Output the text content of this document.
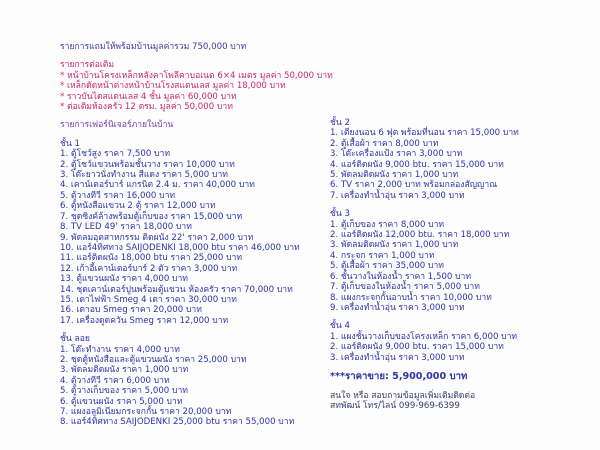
รายการแถมให้พร้อมบ้านมูลค่ารวม 750,000 บาท
รายการต่อเติม
* หน้าบ้านโครงเหล็กหลังคาโพลีคาบอเนต 6×4 เมตร มูลค่า 50,000 บาท
* เหล็กดัดหน้าต่างหน้าบ้านโรงสแตนเลส มูลค่า 18,000 บาท
* ราวบันไดสแตนเลส 4 ชั้น มูลค่า 60,000 บาท
* ต่อเติมห้องครัว 12 ตรม. มูลค่า 50,000 บาท
รายการเฟอร์นิเจอร์ภายในบ้าน
ชั้น 1
1. ตู้โชว์สูง ราคา 7,500 บาท
2. ตู้โชว์แขวนพร้อมชั้นวาง ราคา 10,000 บาท
3. โต๊ะยาวนั่งทำงาน สีแดง ราคา 5,000 บาท
4. เคาน์เตอร์บาร์ แกรนิต 2.4 ม. ราคา 40,000 บาท
5. ตู้วางทีวี ราคา 16,000 บาท
6. ตู้หนังสือแขวน 2 ตู้ ราคา 12,000 บาท
7. ชุดซิงค์ล้างพร้อมตู้เก็บของ ราคา 15,000 บาท
8. TV LED 49' ราคา 18,000 บาท
9. พัดลมอุตสาหกรรม ติดผนัง 22' ราคา 2,000 บาท
10. แอร์4ทิศทาง SAIJODENKI 18,000 btu ราคา 46,000 บาท
11. แอร์ติดผนัง 18,000 btu ราคา 25,000 บาท
12. เก้าอี้เคาน์เตอร์บาร์ 2 ตัว ราคา 3,000 บาท
13. ตู้แขวนผนัง ราคา 4,000 บาท
14. ชุดเคาน์เตอร์ปูนพร้อมตู้แขวน ห้องครัว ราคา 70,000 บาท
15. เตาไฟฟ้า Smeg 4 เตา ราคา 30,000 บาท
16. เตาอบ Smeg ราคา 20,000 บาท
17. เครื่องดูดควัน Smeg ราคา 12,000 บาท
ชั้น ลอย
1. โต๊ะทำงาน ราคา 4,000 บาท
2. ชุดตู้หนังสือและตู้แขวนผนัง ราคา 25,000 บาท
3. พัดลมติดผนัง ราคา 1,000 บาท
4. ตู้วางทีวี ราคา 6,000 บาท
5. ตู้วางเก็บของ ราคา 5,000 บาท
6. ตู้แขวนผนัง ราคา 5,000 บาท
7. แผงอลูมิเนียมกระจกกั้น ราคา 20,000 บาท
8. แอร์4ทิศทาง SAIJODENKI 25,000 btu ราคา 55,000 บาท
ชั้น 2
1. เตียงนอน 6 ฟุต พร้อมที่นอน ราคา 15,000 บาท
2. ตู้เสื้อผ้า ราคา 8,000 บาท
3. โต๊ะเครื่องแป้ง ราคา 3,000 บาท
4. แอร์ติดผนัง 9,000 btu. ราคา 15,000 บาท
5. พัดลมติดผนัง ราคา 1,000 บาท
6. TV ราคา 2,000 บาท พร้อมกล่องสัญญาณ
7. เครื่องทำน้ำอุ่น ราคา 3,000 บาท
ชั้น 3
1. ตู้เก็บของ ราคา 8,000 บาท
2. แอร์ติดผนัง 12,000 btu. ราคา 18,000 บาท
3. พัดลมติดผนัง ราคา 1,000 บาท
4. กระจก ราคา 1,000 บาท
5. ตู้เสื้อผ้า ราคา 35,000 บาท
6. ชั้นวางในห้องน้ำ ราคา 1,500 บาท
7. ตู้เก็บของในห้องน้ำ ราคา 5,000 บาท
8. แผงกระจกกั้นอาบน้ำ ราคา 10,000 บาท
9. เครื่องทำน้ำอุ่น ราคา 3,000 บาท
ชั้น 4
1. แผงชั้นวางเก็บของโครงเหล็ก ราคา 6,000 บาท
2. แอร์ติดผนัง 9,000 btu. ราคา 15,000 บาท
3. เครื่องทำน้ำอุ่น ราคา 3,000 บาท
***ราคาขาย: 5,900,000 บาท
สนใจ หรือ สอบถามข้อมูลเพิ่มเติมติดต่อ
สทพัฒน์ โทร/ไลน์ 099-969-6399
